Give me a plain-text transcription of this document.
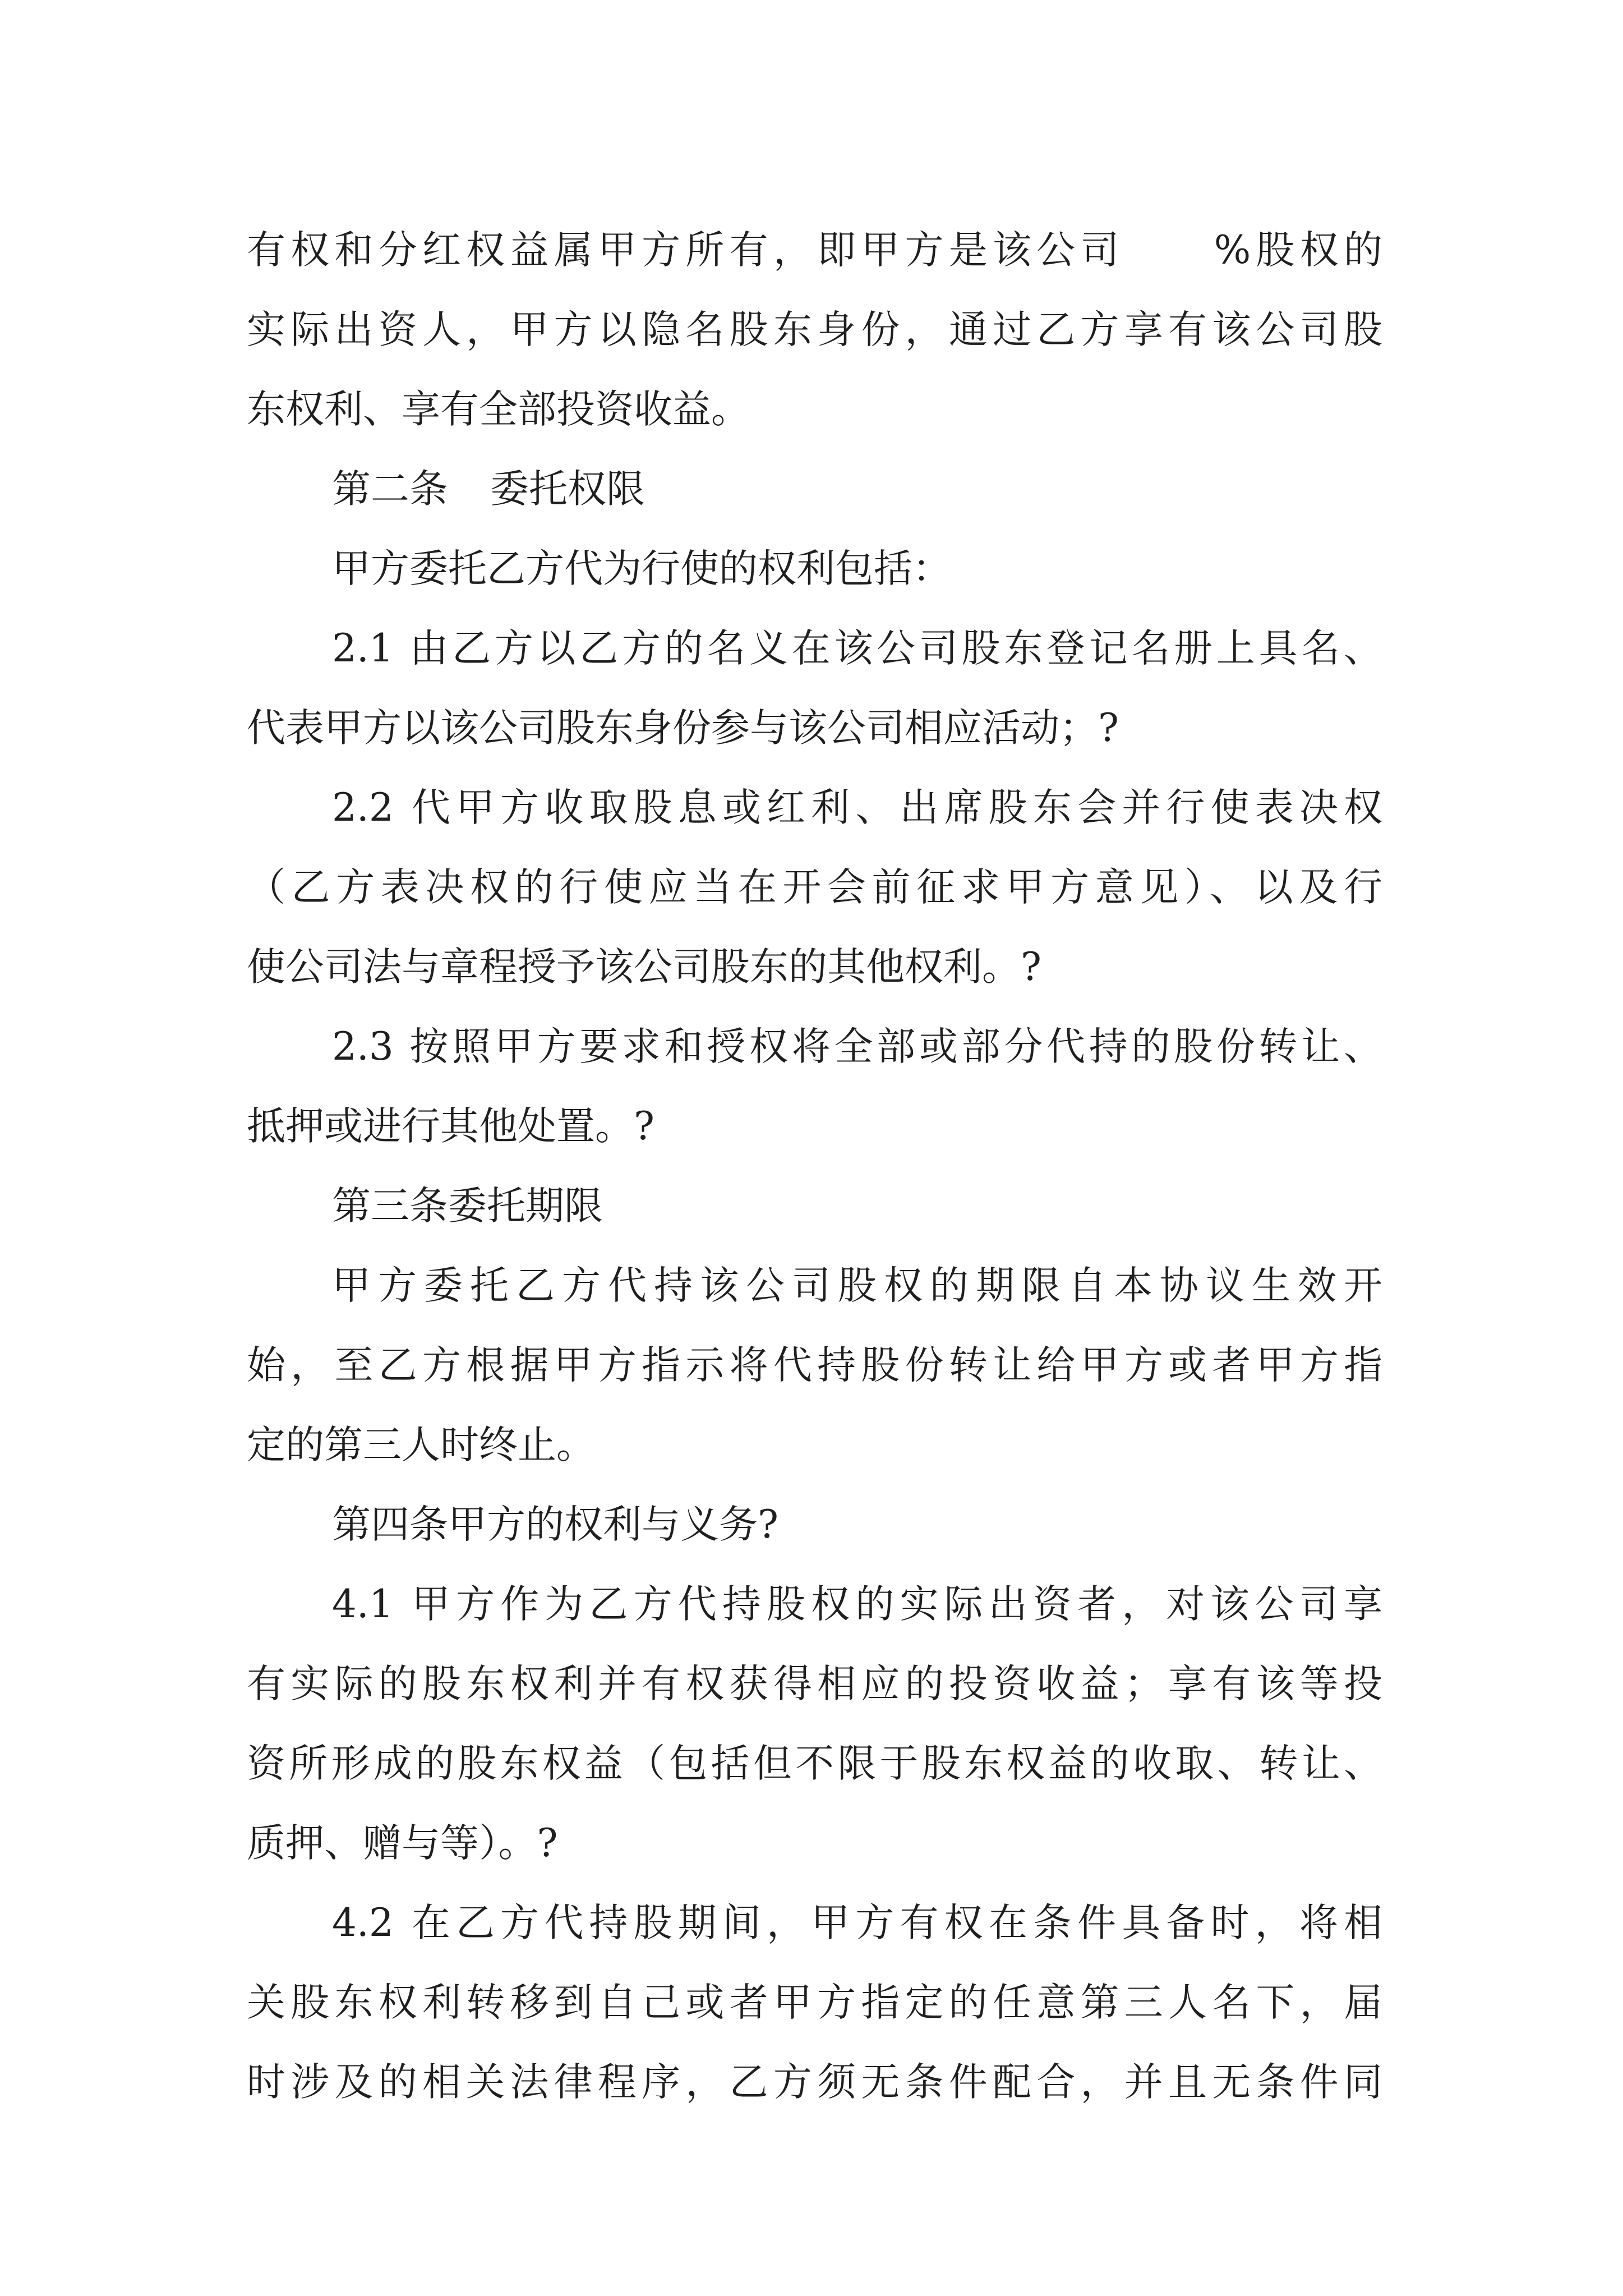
有权和分红权益属甲方所有，即甲方是该公司 %股权的
实际出资人，甲方以隐名股东身份，通过乙方享有该公司股
东权利、享有全部投资收益。
第二条 委托权限
甲方委托乙方代为行使的权利包括：
2.1 由乙方以乙方的名义在该公司股东登记名册上具名、
代表甲方以该公司股东身份参与该公司相应活动；?
2.2 代甲方收取股息或红利、出席股东会并行使表决权
（乙方表决权的行使应当在开会前征求甲方意见）、以及行
使公司法与章程授予该公司股东的其他权利。?
2.3 按照甲方要求和授权将全部或部分代持的股份转让、
抵押或进行其他处置。?
第三条委托期限
甲方委托乙方代持该公司股权的期限自本协议生效开
始，至乙方根据甲方指示将代持股份转让给甲方或者甲方指
定的第三人时终止。
第四条甲方的权利与义务?
4.1 甲方作为乙方代持股权的实际出资者，对该公司享
有实际的股东权利并有权获得相应的投资收益；享有该等投
资所形成的股东权益（包括但不限于股东权益的收取、转让、
质押、赠与等）。?
4.2 在乙方代持股期间，甲方有权在条件具备时，将相
关股东权利转移到自己或者甲方指定的任意第三人名下，届
时涉及的相关法律程序，乙方须无条件配合，并且无条件同
